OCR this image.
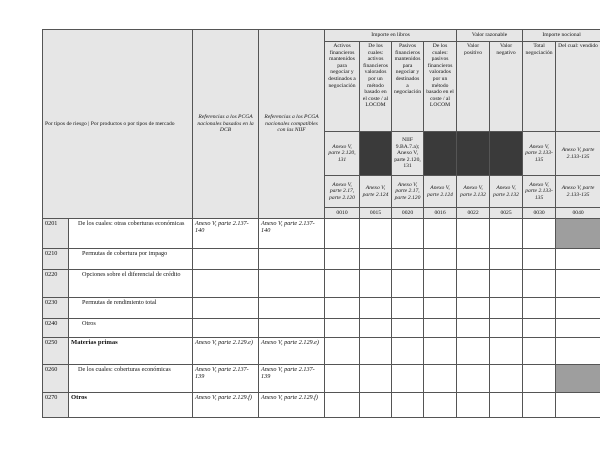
Por tipos de riesgo | Por productos o por tipos de mercado		Referencias a los PCGA nacionales basados en la DCB	Referencias a los PCGA nacionales compatibles con las NIIF	Importe en libros				Valor razonable		Importe nocional	
				Activos financieros mantenidos para negociar y destinados a negociación	De los cuales: activos financieros valorados por un método basado en el coste / al LOCOM	Pasivos financieros mantenidos para negociar y destinados a negociación	De los cuales: pasivos financieros valorados por un método basado en el coste / al LOCOM	Valor positivo	Valor negativo	Total negociación	Del cual: vendido
				Anexo V, parte 2.120, 131		NIIF 9.BA.7.a); Anexo V, parte 2.120, 131				Anexo V, parte 2.133-135	Anexo V, parte 2.133-135
				Anexo V, parte 2.17, parte 2.120	Anexo V, parte 2.124	Anexo V, parte 2.17, parte 2.120	Anexo V, parte 2.124	Anexo V, parte 2.132	Anexo V, parte 2.132	Anexo V, parte 2.133-135	Anexo V, parte 2.133-135
				0010	0015	0020	0016	0022	0025	0030	0040
0201	De los cuales: otras coberturas económicas	Anexo V, parte 2.137-140	Anexo V, parte 2.137-140								
0210	Permutas de cobertura por impago										
0220	Opciones sobre el diferencial de crédito										
0230	Permutas de rendimiento total										
0240	Otros										
0250	Materias primas	Anexo V, parte 2.129.e)	Anexo V, parte 2.129.e)								
0260	De los cuales: coberturas económicas	Anexo V, parte 2.137-139	Anexo V, parte 2.137-139								
0270	Otros	Anexo V, parte 2.129.f)	Anexo V, parte 2.129.f)								
